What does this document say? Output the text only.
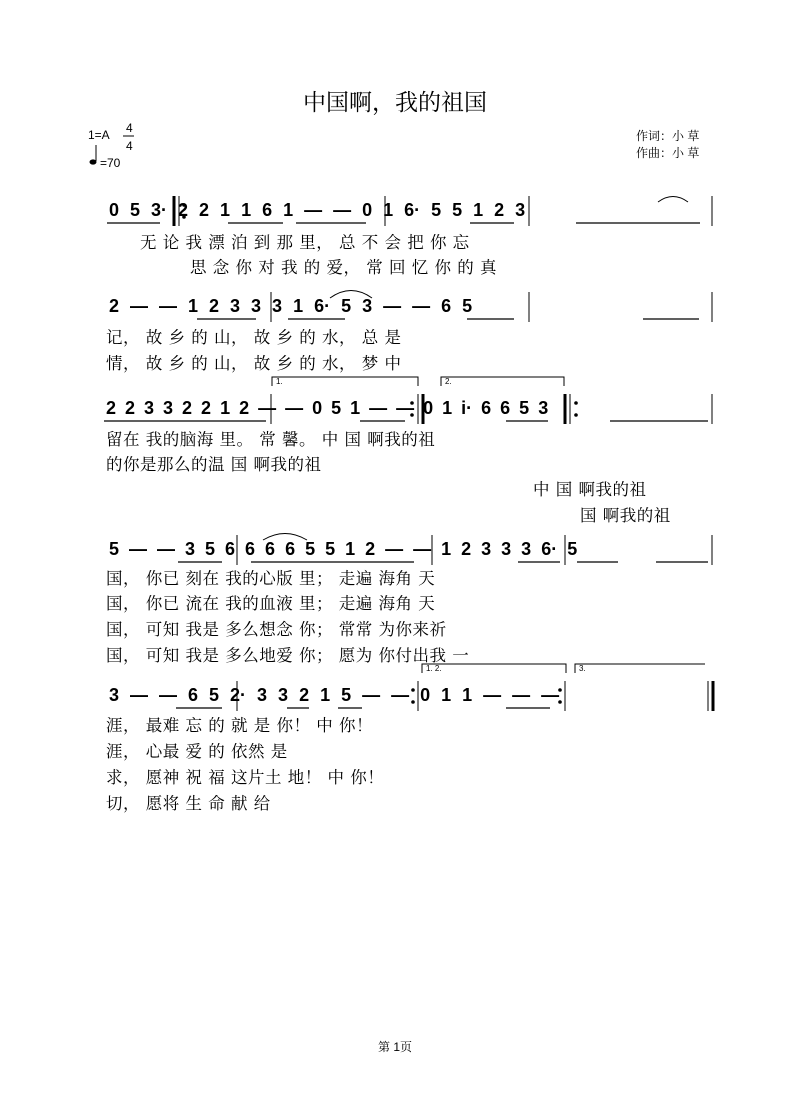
中国啊，我的祖国
1=A 4
4
=70
作词：小 草
作曲：小 草
1.	2.
1. 2.	3.
0 5 3· 2 2 1 1 6 1 — — 0 1 6· 5 5 1 2 3
无 论 我 漂 泊 到 那 里， 总 不 会 把 你 忘
思 念 你 对 我 的 爱， 常 回 忆 你 的 真
2 — — 1 2 3 3 3 1 6· 5 3 — — 6 5
记， 故 乡 的 山， 故 乡 的 水， 总 是
情， 故 乡 的 山， 故 乡 的 水， 梦 中
2 2 3 3 2 2 1 2 — — 0 5 1 — — 0 1 i· 6 6 5 3
留在 我的脑海 里。 常 馨。 中 国 啊我的祖
的你是那么的温 国 啊我的祖
中 国 啊我的祖
国 啊我的祖
5 — — 3 5 6 6 6 6 5 5 1 2 — — 1 2 3 3 3 6· 5
国， 你已 刻在 我的心版 里； 走遍 海角 天
国， 你已 流在 我的血液 里； 走遍 海角 天
国， 可知 我是 多么想念 你； 常常 为你来祈
国， 可知 我是 多么地爱 你； 愿为 你付出我 一
3 — — 6 5 2· 3 3 2 1 5 — — 0 1 1 — — —
涯， 最难 忘 的 就 是 你！ 中 你！
涯， 心最 爱 的 依然 是
求， 愿神 祝 福 这片土 地！ 中 你！
切， 愿将 生 命 献 给
第 1页
